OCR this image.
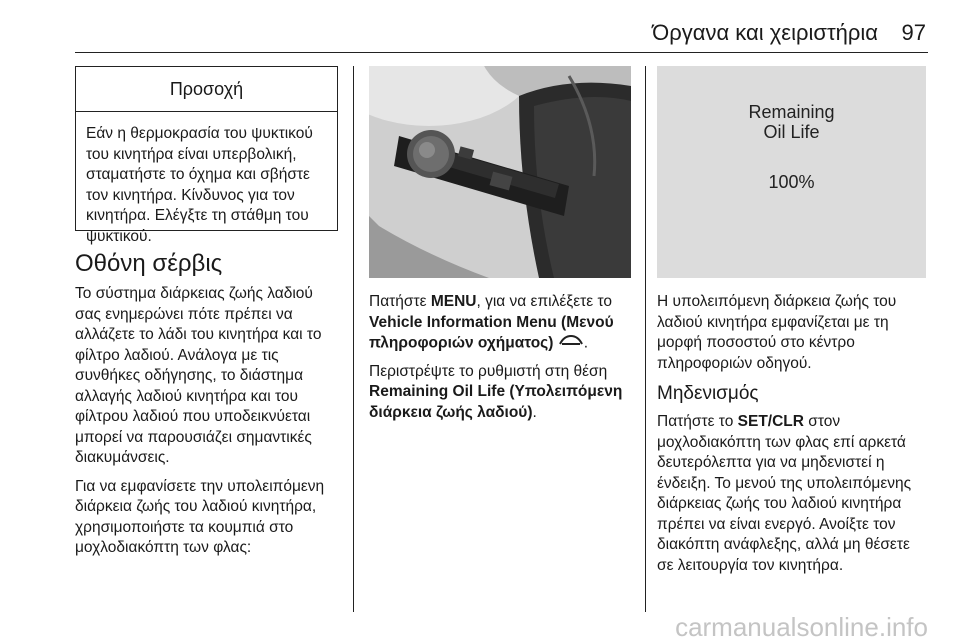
Όργανα και χειριστήρια 97
Προσοχή
Εάν η θερμοκρασία του ψυκτικού του κινητήρα είναι υπερβολική, σταματήστε το όχημα και σβήστε τον κινητήρα. Κίνδυνος για τον κινητήρα. Ελέγξτε τη στάθμη του ψυκτικού.
Οθόνη σέρβις

Το σύστημα διάρκειας ζωής λαδιού σας ενημερώνει πότε πρέπει να αλλάζετε το λάδι του κινητήρα και το φίλτρο λαδιού. Ανάλογα με τις συνθήκες οδήγησης, το διάστημα αλλαγής λαδιού κινητήρα και του φίλτρου λαδιού που υποδεικνύεται μπορεί να παρουσιάζει σημαντικές διακυμάνσεις.

Για να εμφανίσετε την υπολειπόμενη διάρκεια ζωής του λαδιού κινητήρα, χρησιμοποιήστε τα κουμπιά στο μοχλοδιακόπτη των φλας:

Πατήστε MENU, για να επιλέξετε το Vehicle Information Menu (Μενού πληροφοριών οχήματος) .

Περιστρέψτε το ρυθμιστή στη θέση Remaining Oil Life (Υπολειπόμενη διάρκεια ζωής λαδιού).

Remaining
Oil Life
100%

Η υπολειπόμενη διάρκεια ζωής του λαδιού κινητήρα εμφανίζεται με τη μορφή ποσοστού στο κέντρο πληροφοριών οδηγού.

Μηδενισμός

Πατήστε το SET/CLR στον μοχλοδιακόπτη των φλας επί αρκετά δευτερόλεπτα για να μηδενιστεί η ένδειξη. Το μενού της υπολειπόμενης διάρκειας ζωής του λαδιού κινητήρα πρέπει να είναι ενεργό. Ανοίξτε τον διακόπτη ανάφλεξης, αλλά μη θέσετε σε λειτουργία τον κινητήρα.

carmanualsonline.info
